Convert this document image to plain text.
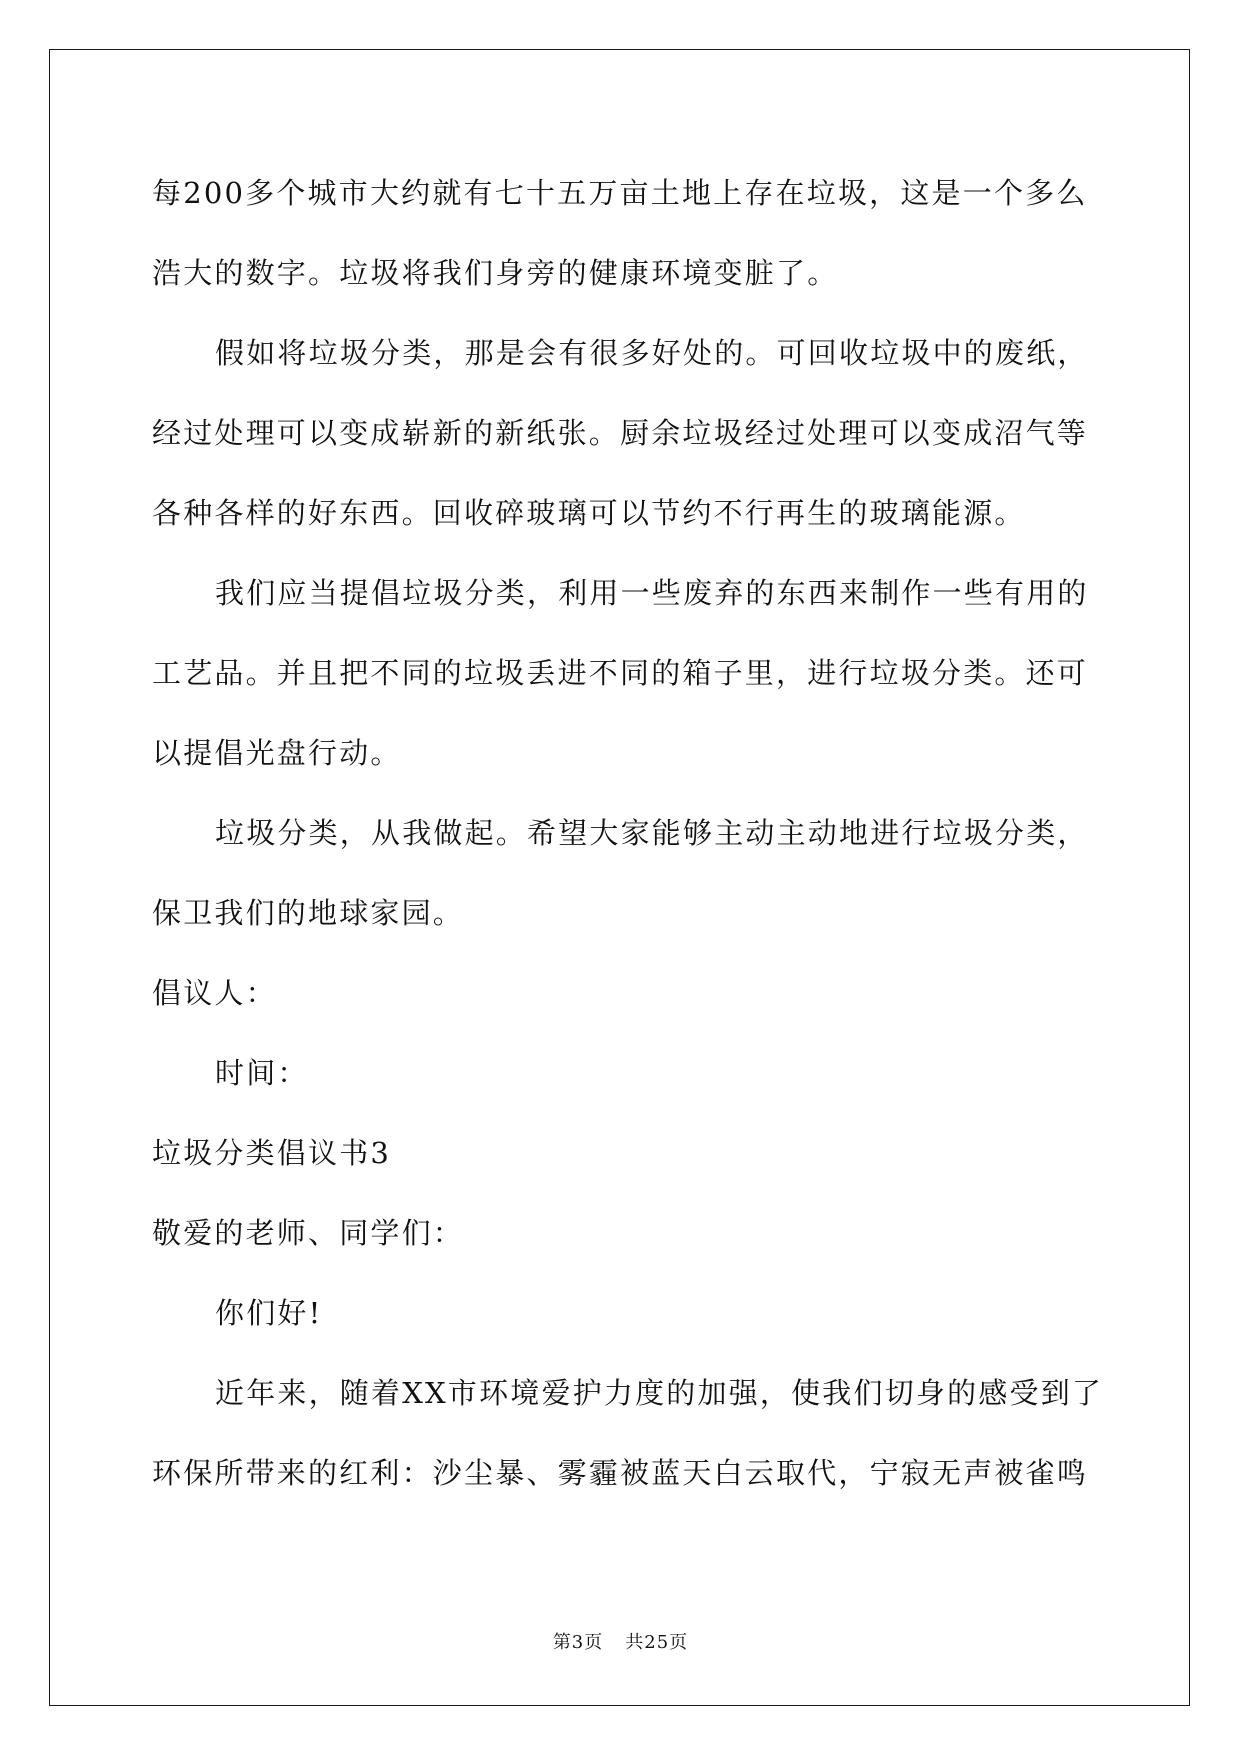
每200多个城市大约就有七十五万亩土地上存在垃圾，这是一个多么
浩大的数字。垃圾将我们身旁的健康环境变脏了。
假如将垃圾分类，那是会有很多好处的。可回收垃圾中的废纸，
经过处理可以变成崭新的新纸张。厨余垃圾经过处理可以变成沼气等
各种各样的好东西。回收碎玻璃可以节约不行再生的玻璃能源。
我们应当提倡垃圾分类，利用一些废弃的东西来制作一些有用的
工艺品。并且把不同的垃圾丢进不同的箱子里，进行垃圾分类。还可
以提倡光盘行动。
垃圾分类，从我做起。希望大家能够主动主动地进行垃圾分类，
保卫我们的地球家园。
倡议人：
时间：
垃圾分类倡议书3
敬爱的老师、同学们：
你们好!
近年来，随着XX市环境爱护力度的加强，使我们切身的感受到了
环保所带来的红利：沙尘暴、雾霾被蓝天白云取代，宁寂无声被雀鸣
第3页 共25页
